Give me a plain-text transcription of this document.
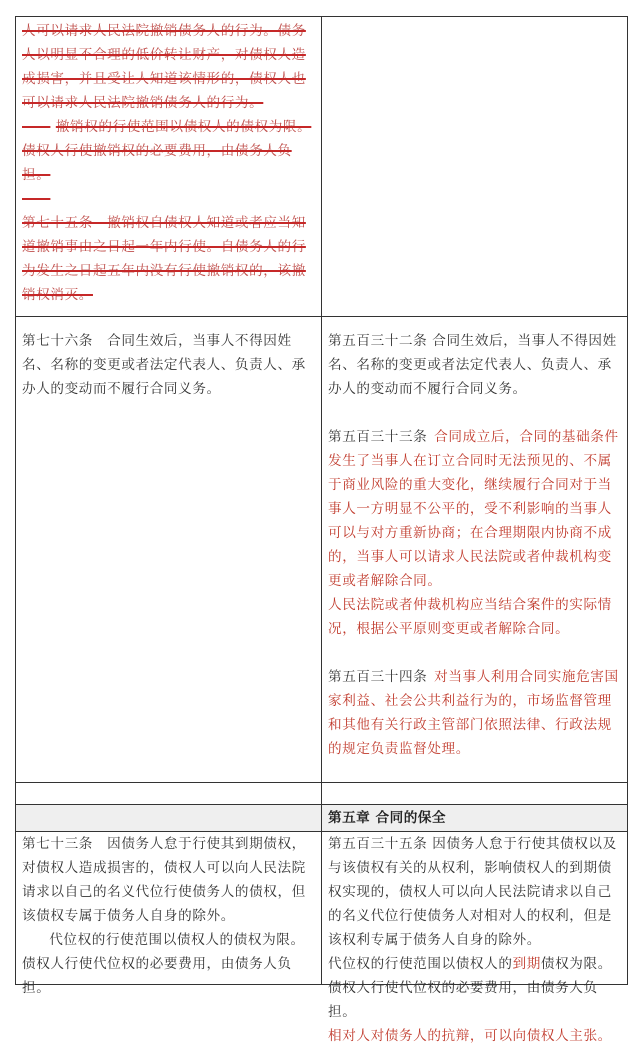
人可以请求人民法院撤销债务人的行为。债务人以明显不合理的低价转让财产，对债权人造成损害，并且受让人知道该情形的，债权人也可以请求人民法院撤销债务人的行为。

—— 撤销权的行使范围以债权人的债权为限。债权人行使撤销权的必要费用，由债务人负担。

——

第七十五条　撤销权自债权人知道或者应当知道撤销事由之日起一年内行使。自债务人的行为发生之日起五年内没有行使撤销权的，该撤销权消灭。

第七十六条　合同生效后，当事人不得因姓名、名称的变更或者法定代表人、负责人、承办人的变动而不履行合同义务。

第五百三十二条 合同生效后，当事人不得因姓名、名称的变更或者法定代表人、负责人、承办人的变动而不履行合同义务。

第五百三十三条 合同成立后，合同的基础条件发生了当事人在订立合同时无法预见的、不属于商业风险的重大变化，继续履行合同对于当事人一方明显不公平的，受不利影响的当事人可以与对方重新协商；在合理期限内协商不成的，当事人可以请求人民法院或者仲裁机构变更或者解除合同。

人民法院或者仲裁机构应当结合案件的实际情况，根据公平原则变更或者解除合同。

第五百三十四条 对当事人利用合同实施危害国家利益、社会公共利益行为的，市场监督管理和其他有关行政主管部门依照法律、行政法规的规定负责监督处理。

第五章 合同的保全

第七十三条　因债务人怠于行使其到期债权，对债权人造成损害的，债权人可以向人民法院请求以自己的名义代位行使债务人的债权，但该债权专属于债务人自身的除外。

代位权的行使范围以债权人的债权为限。债权人行使代位权的必要费用，由债务人负担。

第五百三十五条 因债务人怠于行使其债权以及与该债权有关的从权利，影响债权人的到期债权实现的，债权人可以向人民法院请求以自己的名义代位行使债务人对相对人的权利，但是该权利专属于债务人自身的除外。

代位权的行使范围以债权人的到期债权为限。债权人行使代位权的必要费用，由债务人负担。

相对人对债务人的抗辩，可以向债权人主张。
